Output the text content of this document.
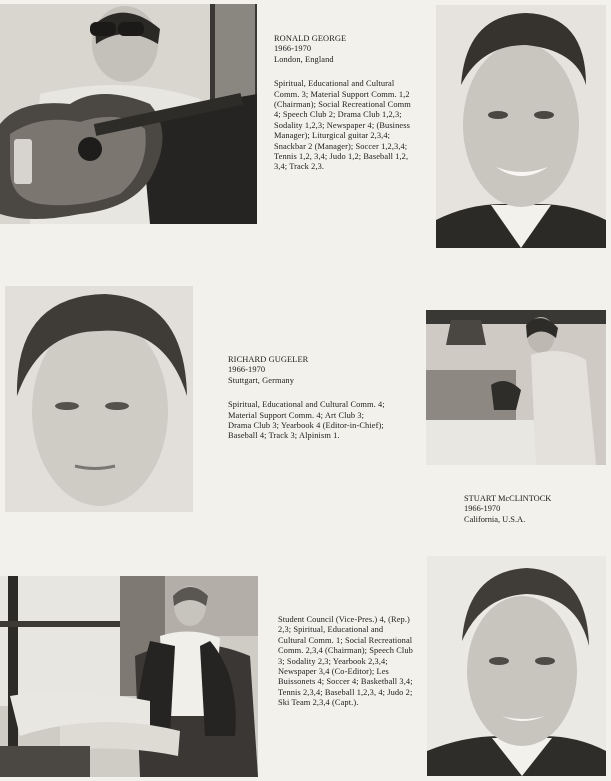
RONALD GEORGE
1966-1970
London, England
Spiritual, Educational and Cultural Comm. 3; Material Support Comm. 1,2 (Chairman); Social Recreational Comm 4; Speech Club 2; Drama Club 1,2,3; Sodality 1,2,3; Newspaper 4; (Business Manager); Liturgical guitar 2,3,4; Snackbar 2 (Manager); Soccer 1,2,3,4; Tennis 1,2, 3,4; Judo 1,2; Baseball 1,2, 3,4; Track 2,3.
RICHARD GUGELER
1966-1970
Stuttgart, Germany
Spiritual, Educational and Cultural Comm. 4; Material Support Comm. 4; Art Club 3; Drama Club 3; Yearbook 4 (Editor-in-Chief); Baseball 4; Track 3; Alpinism 1.
STUART McCLINTOCK
1966-1970
California, U.S.A.
Student Council (Vice-Pres.) 4, (Rep.) 2,3; Spiritual, Educational and Cultural Comm. 1; Social Recreational Comm. 2,3,4 (Chairman); Speech Club 3; Sodality 2,3; Yearbook 2,3,4; Newspaper 3,4 (Co-Editor); Les Buissonets 4; Soccer 4; Basketball 3,4; Tennis 2,3,4; Baseball 1,2,3, 4; Judo 2; Ski Team 2,3,4 (Capt.).
